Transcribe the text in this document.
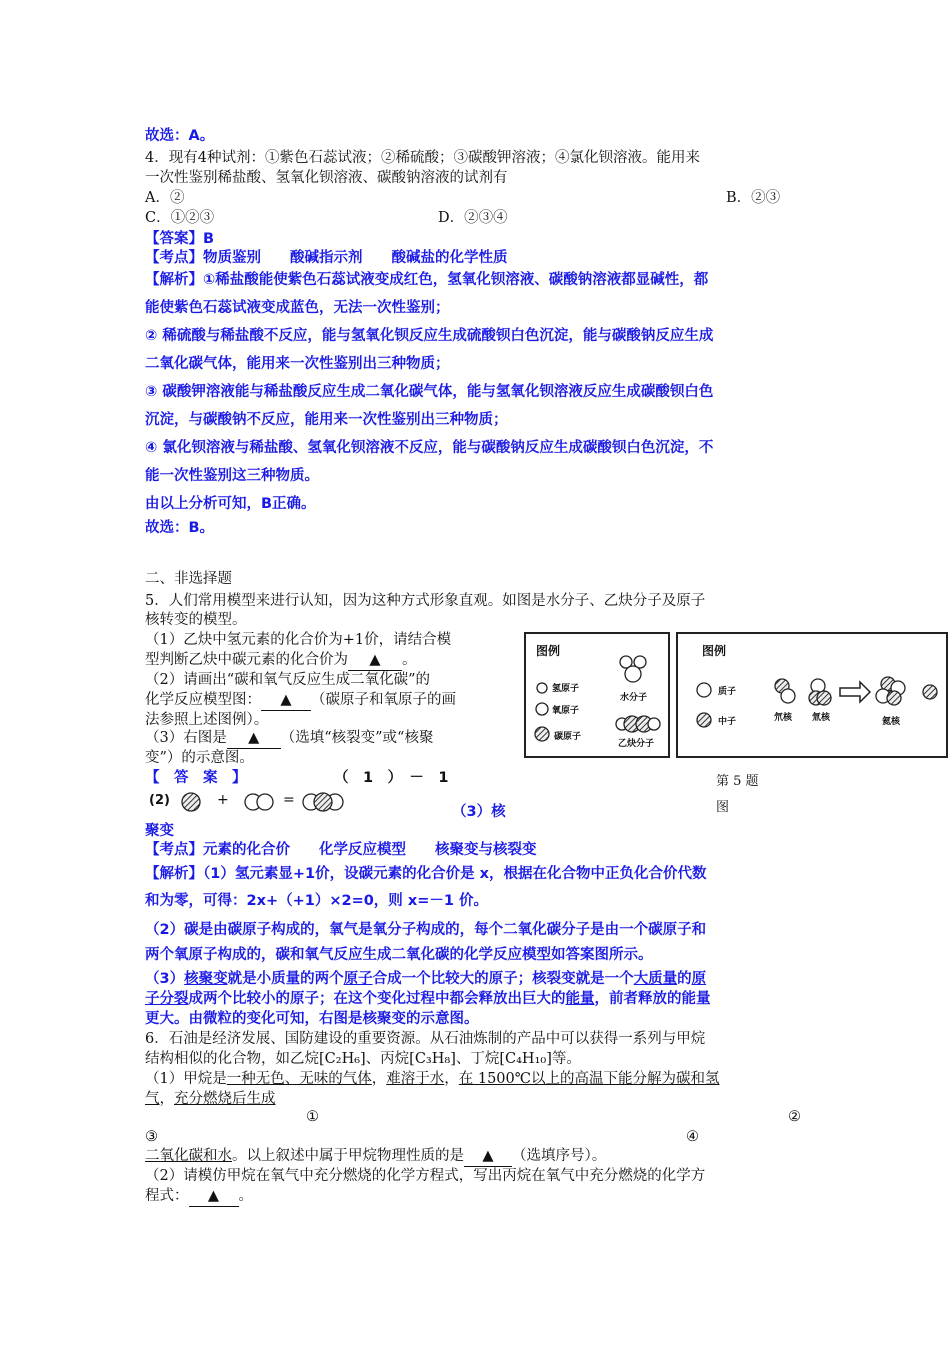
故选：A。
4．现有4种试剂：①紫色石蕊试液；②稀硫酸；③碳酸钾溶液；④氯化钡溶液。能用来
一次性鉴别稀盐酸、氢氧化钡溶液、碳酸钠溶液的试剂有
A．②	B．②③
C．①②③	D．②③④
【答案】B
【考点】物质鉴别　　酸碱指示剂　　酸碱盐的化学性质
【解析】①稀盐酸能使紫色石蕊试液变成红色，氢氧化钡溶液、碳酸钠溶液都显碱性，都
能使紫色石蕊试液变成蓝色，无法一次性鉴别；
② 稀硫酸与稀盐酸不反应，能与氢氧化钡反应生成硫酸钡白色沉淀，能与碳酸钠反应生成
二氧化碳气体，能用来一次性鉴别出三种物质；
③ 碳酸钾溶液能与稀盐酸反应生成二氧化碳气体，能与氢氧化钡溶液反应生成碳酸钡白色
沉淀，与碳酸钠不反应，能用来一次性鉴别出三种物质；
④ 氯化钡溶液与稀盐酸、氢氧化钡溶液不反应，能与碳酸钠反应生成碳酸钡白色沉淀，不
能一次性鉴别这三种物质。
由以上分析可知，B正确。
故选：B。
二、非选择题
5．人们常用模型来进行认知，因为这种方式形象直观。如图是水分子、乙炔分子及原子
核转变的模型。
（1）乙炔中氢元素的化合价为+1价，请结合模
型判断乙炔中碳元素的化合价为 ▲ 。
（2）请画出“碳和氧气反应生成二氧化碳”的
化学反应模型图： ▲ （碳原子和氧原子的画
法参照上述图例）。
（3）右图是 ▲ （选填“核裂变”或“核聚
变”）的示意图。
图例
氢原子
氧原子
碳原子
水分子
乙炔分子
图例
质子
中子	氘核 氚核	氦核
第 5 题
图
【　答　案　】	（　1　）　－　1
(2)	+	=
（3）核
聚变
【考点】元素的化合价　　化学反应模型　　核聚变与核裂变
【解析】（1）氢元素显+1价，设碳元素的化合价是 x，根据在化合物中正负化合价代数
和为零，可得：2x+（+1）×2=0，则 x=－1 价。
（2）碳是由碳原子构成的，氧气是氧分子构成的，每个二氧化碳分子是由一个碳原子和
两个氧原子构成的，碳和氧气反应生成二氧化碳的化学反应模型如答案图所示。
（3）核聚变就是小质量的两个原子合成一个比较大的原子；核裂变就是一个大质量的原
子分裂成两个比较小的原子；在这个变化过程中都会释放出巨大的能量，前者释放的能量
更大。由微粒的变化可知，右图是核聚变的示意图。
6．石油是经济发展、国防建设的重要资源。从石油炼制的产品中可以获得一系列与甲烷
结构相似的化合物，如乙烷[C₂H₆]、丙烷[C₃H₈]、丁烷[C₄H₁₀]等。
（1）甲烷是一种无色、无味的气体，难溶于水，在 1500℃以上的高温下能分解为碳和氢
气，充分燃烧后生成
①	②
③	④
二氧化碳和水。以上叙述中属于甲烷物理性质的是 ▲ （选填序号）。
（2）请模仿甲烷在氧气中充分燃烧的化学方程式，写出丙烷在氧气中充分燃烧的化学方
程式： ▲ 。
